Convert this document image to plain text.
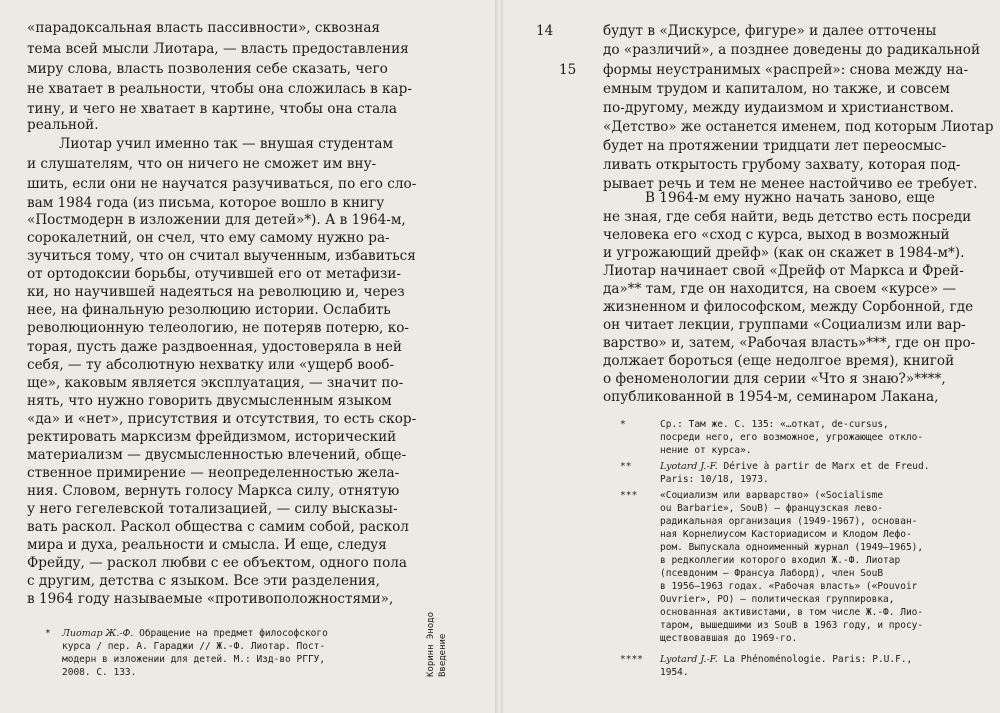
«парадоксальная власть пассивности», сквозная
тема всей мысли Лиотара, — власть предоставления
миру слова, власть позволения себе сказать, чего
не хватает в реальности, чтобы она сложилась в кар-
тину, и чего не хватает в картине, чтобы она стала
реальной.
Лиотар учил именно так — внушая студентам
и слушателям, что он ничего не сможет им вну-
шить, если они не научатся разучиваться, по его сло-
вам 1984 года (из письма, которое вошло в книгу
«Постмодерн в изложении для детей»*). А в 1964-м,
сорокалетний, он счел, что ему самому нужно ра-
зучиться тому, что он считал выученным, избавиться
от ортодоксии борьбы, отучившей его от метафизи-
ки, но научившей надеяться на революцию и, через
нее, на финальную резолюцию истории. Ослабить
революционную телеологию, не потеряв потерю, ко-
торая, пусть даже раздвоенная, удостоверяла в ней
себя, — ту абсолютную нехватку или «ущерб вооб-
ще», каковым является эксплуатация, — значит по-
нять, что нужно говорить двусмысленным языком
«да» и «нет», присутствия и отсутствия, то есть скор-
ректировать марксизм фрейдизмом, исторический
материализм — двусмысленностью влечений, обще-
ственное примирение — неопределенностью жела-
ния. Словом, вернуть голосу Маркса силу, отнятую
у него гегелевской тотализацией, — силу высказы-
вать раскол. Раскол общества с самим собой, раскол
мира и духа, реальности и смысла. И еще, следуя
Фрейду, — раскол любви с ее объектом, одного пола
с другим, детства с языком. Все эти разделения,
в 1964 году называемые «противоположностями»,
* Лиотар Ж.-Ф. Обращение на предмет философского
курса / пер. А. Гараджи // Ж.-Ф. Лиотар. Пост-
модерн в изложении для детей. М.: Изд-во РГГУ,
2008. С. 133.	Коринн Энодо Введение
14
15
будут в «Дискурсе, фигуре» и далее отточены
до «различий», а позднее доведены до радикальной
формы неустранимых «распрей»: снова между на-
емным трудом и капиталом, но также, и совсем
по-другому, между иудаизмом и христианством.
«Детство» же останется именем, под которым Лиотар
будет на протяжении тридцати лет переосмыс-
ливать открытость грубому захвату, которая под-
рывает речь и тем не менее настойчиво ее требует.
В 1964-м ему нужно начать заново, еще
не зная, где себя найти, ведь детство есть посреди
человека его «сход с курса, выход в возможный
и угрожающий дрейф» (как он скажет в 1984-м*).
Лиотар начинает свой «Дрейф от Маркса и Фрей-
да»** там, где он находится, на своем «курсе» —
жизненном и философском, между Сорбонной, где
он читает лекции, группами «Социализм или вар-
варство» и, затем, «Рабочая власть»***, где он про-
должает бороться (еще недолгое время), книгой
о феноменологии для серии «Что я знаю?»****,
опубликованной в 1954-м, семинаром Лакана,
*	Ср.: Там же. С. 135: «…откат, de-cursus,
посреди него, его возможное, угрожающее откло-
нение от курса».
**	Lyotard J.-F. Dérive à partir de Marx et de Freud.
Paris: 10/18, 1973.
*** «Социализм или варварство» («Socialisme
ou Barbarie», SouB) – французская лево-
радикальная организация (1949-1967), основан-
ная Корнелиусом Касториадисом и Клодом Лефо-
ром. Выпускала одноименный журнал (1949–1965),
в редколлегии которого входил Ж.-Ф. Лиотар
(псевдоним – Франсуа Лаборд), член SouB
в 1956–1963 годах. «Рабочая власть» («Pouvoir
Ouvrier», PO) – политическая группировка,
основанная активистами, в том числе Ж.-Ф. Лио-
таром, вышедшими из SouB в 1963 году, и просу-
ществовавшая до 1969-го.
**** Lyotard J.-F. La Phénoménologie. Paris: P.U.F.,
1954.
